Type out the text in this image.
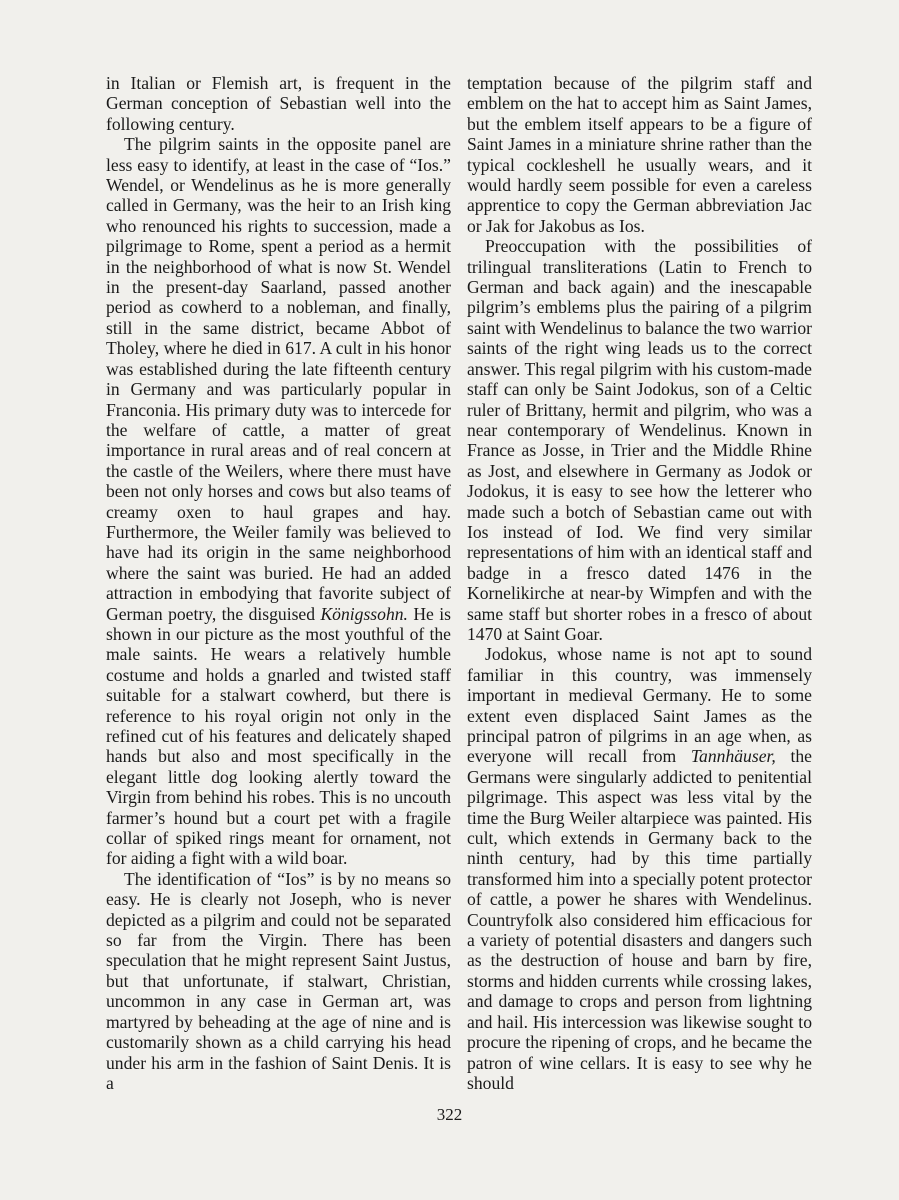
in Italian or Flemish art, is frequent in the German conception of Sebastian well into the following century.

The pilgrim saints in the opposite panel are less easy to identify, at least in the case of “Ios.” Wendel, or Wendelinus as he is more generally called in Germany, was the heir to an Irish king who renounced his rights to succession, made a pilgrimage to Rome, spent a period as a hermit in the neighborhood of what is now St. Wendel in the present-day Saarland, passed another period as cowherd to a nobleman, and finally, still in the same district, became Abbot of Tholey, where he died in 617. A cult in his honor was established during the late fifteenth century in Germany and was particularly popular in Franconia. His primary duty was to intercede for the welfare of cattle, a matter of great importance in rural areas and of real concern at the castle of the Weilers, where there must have been not only horses and cows but also teams of creamy oxen to haul grapes and hay. Furthermore, the Weiler family was believed to have had its origin in the same neighborhood where the saint was buried. He had an added attraction in embodying that favorite subject of German poetry, the disguised Königssohn. He is shown in our picture as the most youthful of the male saints. He wears a relatively humble costume and holds a gnarled and twisted staff suitable for a stalwart cowherd, but there is reference to his royal origin not only in the refined cut of his features and delicately shaped hands but also and most specifically in the elegant little dog looking alertly toward the Virgin from behind his robes. This is no uncouth farmer’s hound but a court pet with a fragile collar of spiked rings meant for ornament, not for aiding a fight with a wild boar.

The identification of “Ios” is by no means so easy. He is clearly not Joseph, who is never depicted as a pilgrim and could not be separated so far from the Virgin. There has been speculation that he might represent Saint Justus, but that unfortunate, if stalwart, Christian, uncommon in any case in German art, was martyred by beheading at the age of nine and is customarily shown as a child carrying his head under his arm in the fashion of Saint Denis. It is a

temptation because of the pilgrim staff and emblem on the hat to accept him as Saint James, but the emblem itself appears to be a figure of Saint James in a miniature shrine rather than the typical cockleshell he usually wears, and it would hardly seem possible for even a careless apprentice to copy the German abbreviation Jac or Jak for Jakobus as Ios.

Preoccupation with the possibilities of trilingual transliterations (Latin to French to German and back again) and the inescapable pilgrim’s emblems plus the pairing of a pilgrim saint with Wendelinus to balance the two warrior saints of the right wing leads us to the correct answer. This regal pilgrim with his custom-made staff can only be Saint Jodokus, son of a Celtic ruler of Brittany, hermit and pilgrim, who was a near contemporary of Wendelinus. Known in France as Josse, in Trier and the Middle Rhine as Jost, and elsewhere in Germany as Jodok or Jodokus, it is easy to see how the letterer who made such a botch of Sebastian came out with Ios instead of Iod. We find very similar representations of him with an identical staff and badge in a fresco dated 1476 in the Kornelikirche at near-by Wimpfen and with the same staff but shorter robes in a fresco of about 1470 at Saint Goar.

Jodokus, whose name is not apt to sound familiar in this country, was immensely important in medieval Germany. He to some extent even displaced Saint James as the principal patron of pilgrims in an age when, as everyone will recall from Tannhäuser, the Germans were singularly addicted to penitential pilgrimage. This aspect was less vital by the time the Burg Weiler altarpiece was painted. His cult, which extends in Germany back to the ninth century, had by this time partially transformed him into a specially potent protector of cattle, a power he shares with Wendelinus. Countryfolk also considered him efficacious for a variety of potential disasters and dangers such as the destruction of house and barn by fire, storms and hidden currents while crossing lakes, and damage to crops and person from lightning and hail. His intercession was likewise sought to procure the ripening of crops, and he became the patron of wine cellars. It is easy to see why he should

322
